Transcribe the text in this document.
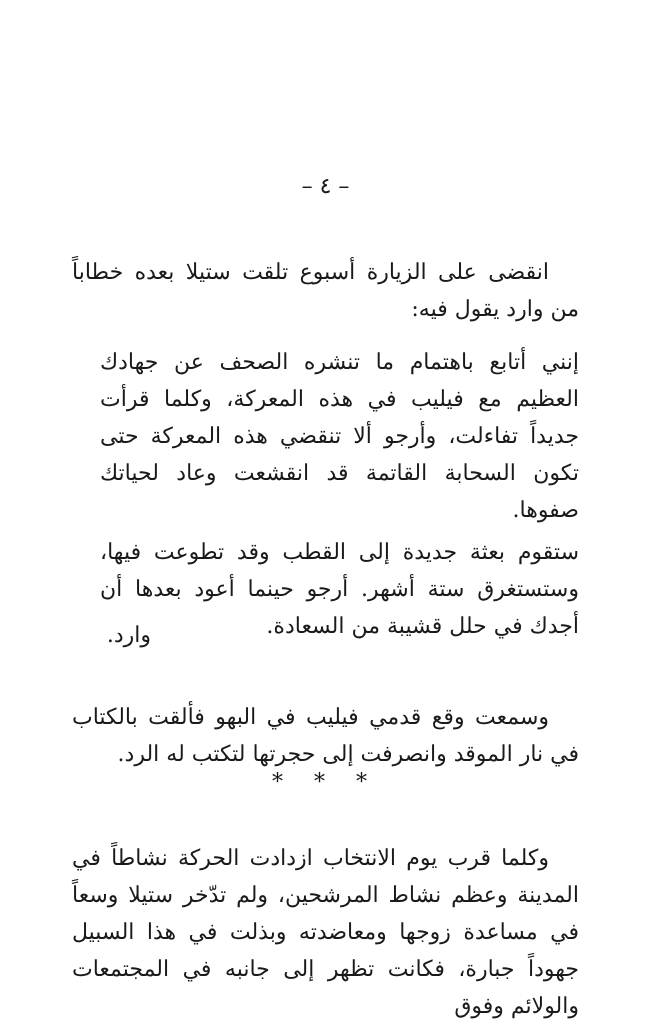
– ٤ –

انقضى على الزيارة أسبوع تلقت ستيلا بعده خطاباً من وارد يقول فيه:

إنني أتابع باهتمام ما تنشره الصحف عن جهادك العظيم مع فيليب في هذه المعركة، وكلما قرأت جديداً تفاءلت، وأرجو ألا تنقضي هذه المعركة حتى تكون السحابة القاتمة قد انقشعت وعاد لحياتك صفوها.

ستقوم بعثة جديدة إلى القطب وقد تطوعت فيها، وستستغرق ستة أشهر. أرجو حينما أعود بعدها أن أجدك في حلل قشيبة من السعادة.

وارد.

وسمعت وقع قدمي فيليب في البهو فألقت بالكتاب في نار الموقد وانصرفت إلى حجرتها لتكتب له الرد.

* * *

وكلما قرب يوم الانتخاب ازدادت الحركة نشاطاً في المدينة وعظم نشاط المرشحين، ولم تدّخر ستيلا وسعاً في مساعدة زوجها ومعاضدته وبذلت في هذا السبيل جهوداً جبارة، فكانت تظهر إلى جانبه في المجتمعات والولائم وفوق
